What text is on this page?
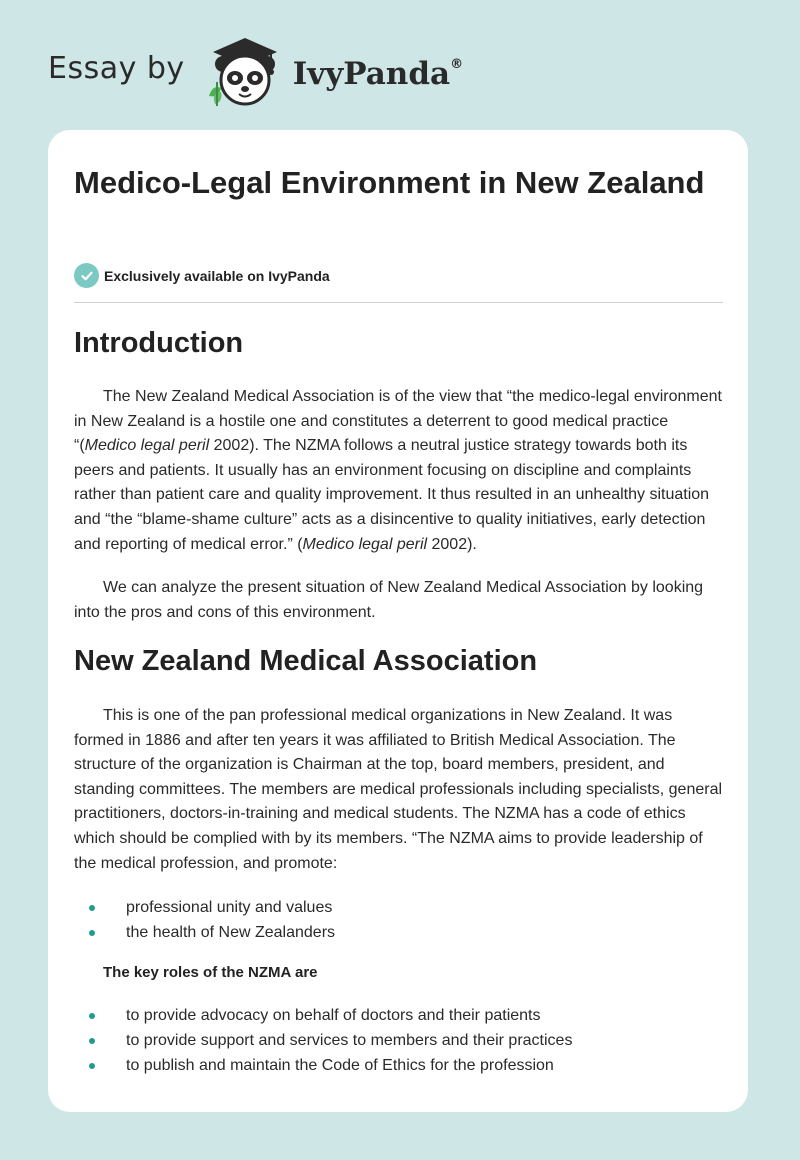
Essay by	IvyPanda®
Medico-Legal Environment in New Zealand
Exclusively available on IvyPanda
Introduction

The New Zealand Medical Association is of the view that “the medico-legal environment in New Zealand is a hostile one and constitutes a deterrent to good medical practice “(Medico legal peril 2002). The NZMA follows a neutral justice strategy towards both its peers and patients. It usually has an environment focusing on discipline and complaints rather than patient care and quality improvement. It thus resulted in an unhealthy situation and “the “blame-shame culture” acts as a disincentive to quality initiatives, early detection and reporting of medical error.” (Medico legal peril 2002).

We can analyze the present situation of New Zealand Medical Association by looking into the pros and cons of this environment.

New Zealand Medical Association

This is one of the pan professional medical organizations in New Zealand. It was formed in 1886 and after ten years it was affiliated to British Medical Association. The structure of the organization is Chairman at the top, board members, president, and standing committees. The members are medical professionals including specialists, general practitioners, doctors-in-training and medical students. The NZMA has a code of ethics which should be complied with by its members. “The NZMA aims to provide leadership of the medical profession, and promote:

professional unity and values
the health of New Zealanders

The key roles of the NZMA are

to provide advocacy on behalf of doctors and their patients
to provide support and services to members and their practices
to publish and maintain the Code of Ethics for the profession
